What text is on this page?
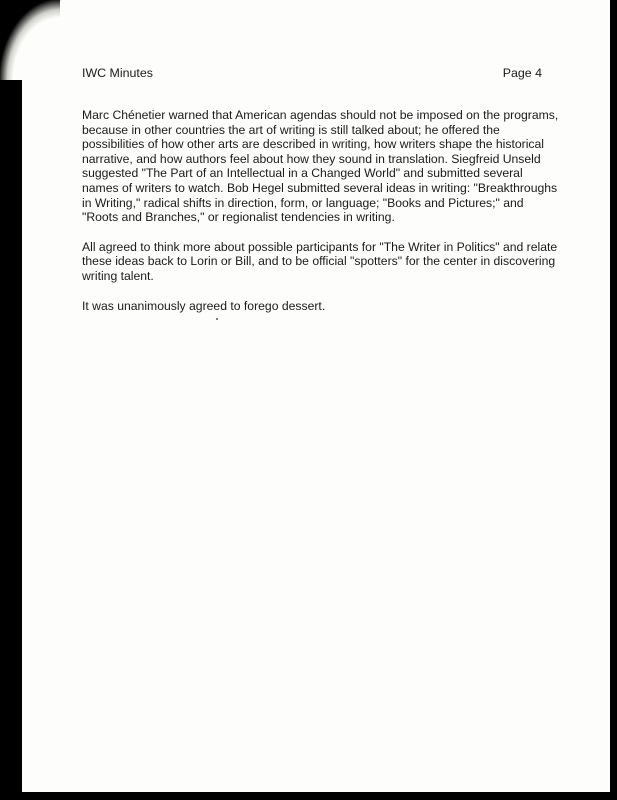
IWC Minutes	Page 4

Marc Chénetier warned that American agendas should not be imposed on the programs, because in other countries the art of writing is still talked about; he offered the possibilities of how other arts are described in writing, how writers shape the historical narrative, and how authors feel about how they sound in translation. Siegfreid Unseld suggested "The Part of an Intellectual in a Changed World" and submitted several names of writers to watch. Bob Hegel submitted several ideas in writing: "Breakthroughs in Writing," radical shifts in direction, form, or language; "Books and Pictures;" and "Roots and Branches," or regionalist tendencies in writing.

All agreed to think more about possible participants for "The Writer in Politics" and relate these ideas back to Lorin or Bill, and to be official "spotters" for the center in discovering writing talent.

It was unanimously agreed to forego dessert.
